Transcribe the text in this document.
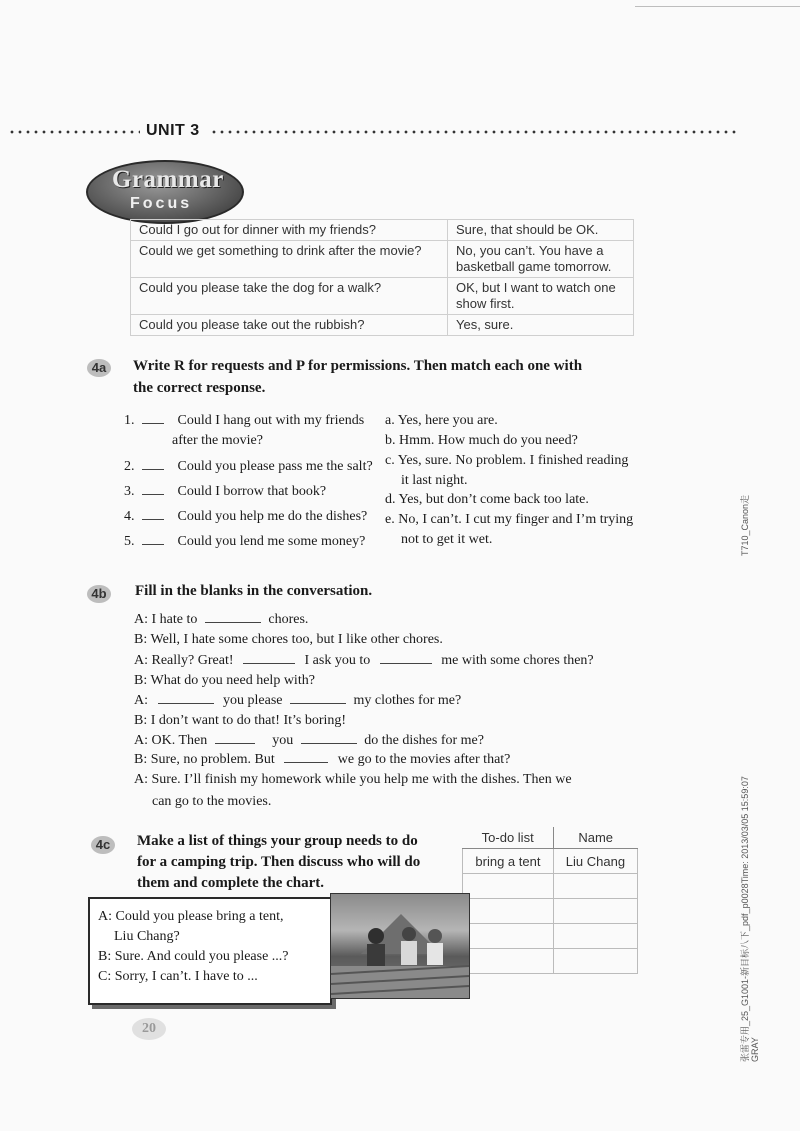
UNIT 3
Grammar
Focus
Could I go out for dinner with my friends?	Sure, that should be OK.
Could we get something to drink after the movie?	No, you can’t. You have a basketball game tomorrow.
Could you please take the dog for a walk?	OK, but I want to watch one show first.
Could you please take out the rubbish?	Yes, sure.
4a	Write R for requests and P for permissions. Then match each one with
the correct response.
1.	Could I hang out with my friends
after the movie?
2.	Could you please pass me the salt?
3.	Could I borrow that book?
4.	Could you help me do the dishes?
5.	Could you lend me some money?
a. Yes, here you are.
b. Hmm. How much do you need?
c. Yes, sure. No problem. I finished reading
it last night.
d. Yes, but don’t come back too late.
e. No, I can’t. I cut my finger and I’m trying
not to get it wet.
4b Fill in the blanks in the conversation.
A: I hate to	chores.
B: Well, I hate some chores too, but I like other chores.
A: Really? Great!	I ask you to	me with some chores then?
B: What do you need help with?
A:	you please	my clothes for me?
B: I don’t want to do that! It’s boring!
A: OK. Then	you	do the dishes for me?
B: Sure, no problem. But	we go to the movies after that?
A: Sure. I’ll finish my homework while you help me with the dishes. Then we
can go to the movies.
4c	Make a list of things your group needs to do
for a camping trip. Then discuss who will do
them and complete the chart.
To-do list	Name
bring a tent	Liu Chang

A: Could you please bring a tent,
Liu Chang?
B: Sure. And could you please ...?
C: Sorry, I can’t. I have to ...
20
T710_Canon走
张雷专用_25_G1001-新目标八下_pdf_p0028Time: 2013/03/05 15:59:07 GRAY
